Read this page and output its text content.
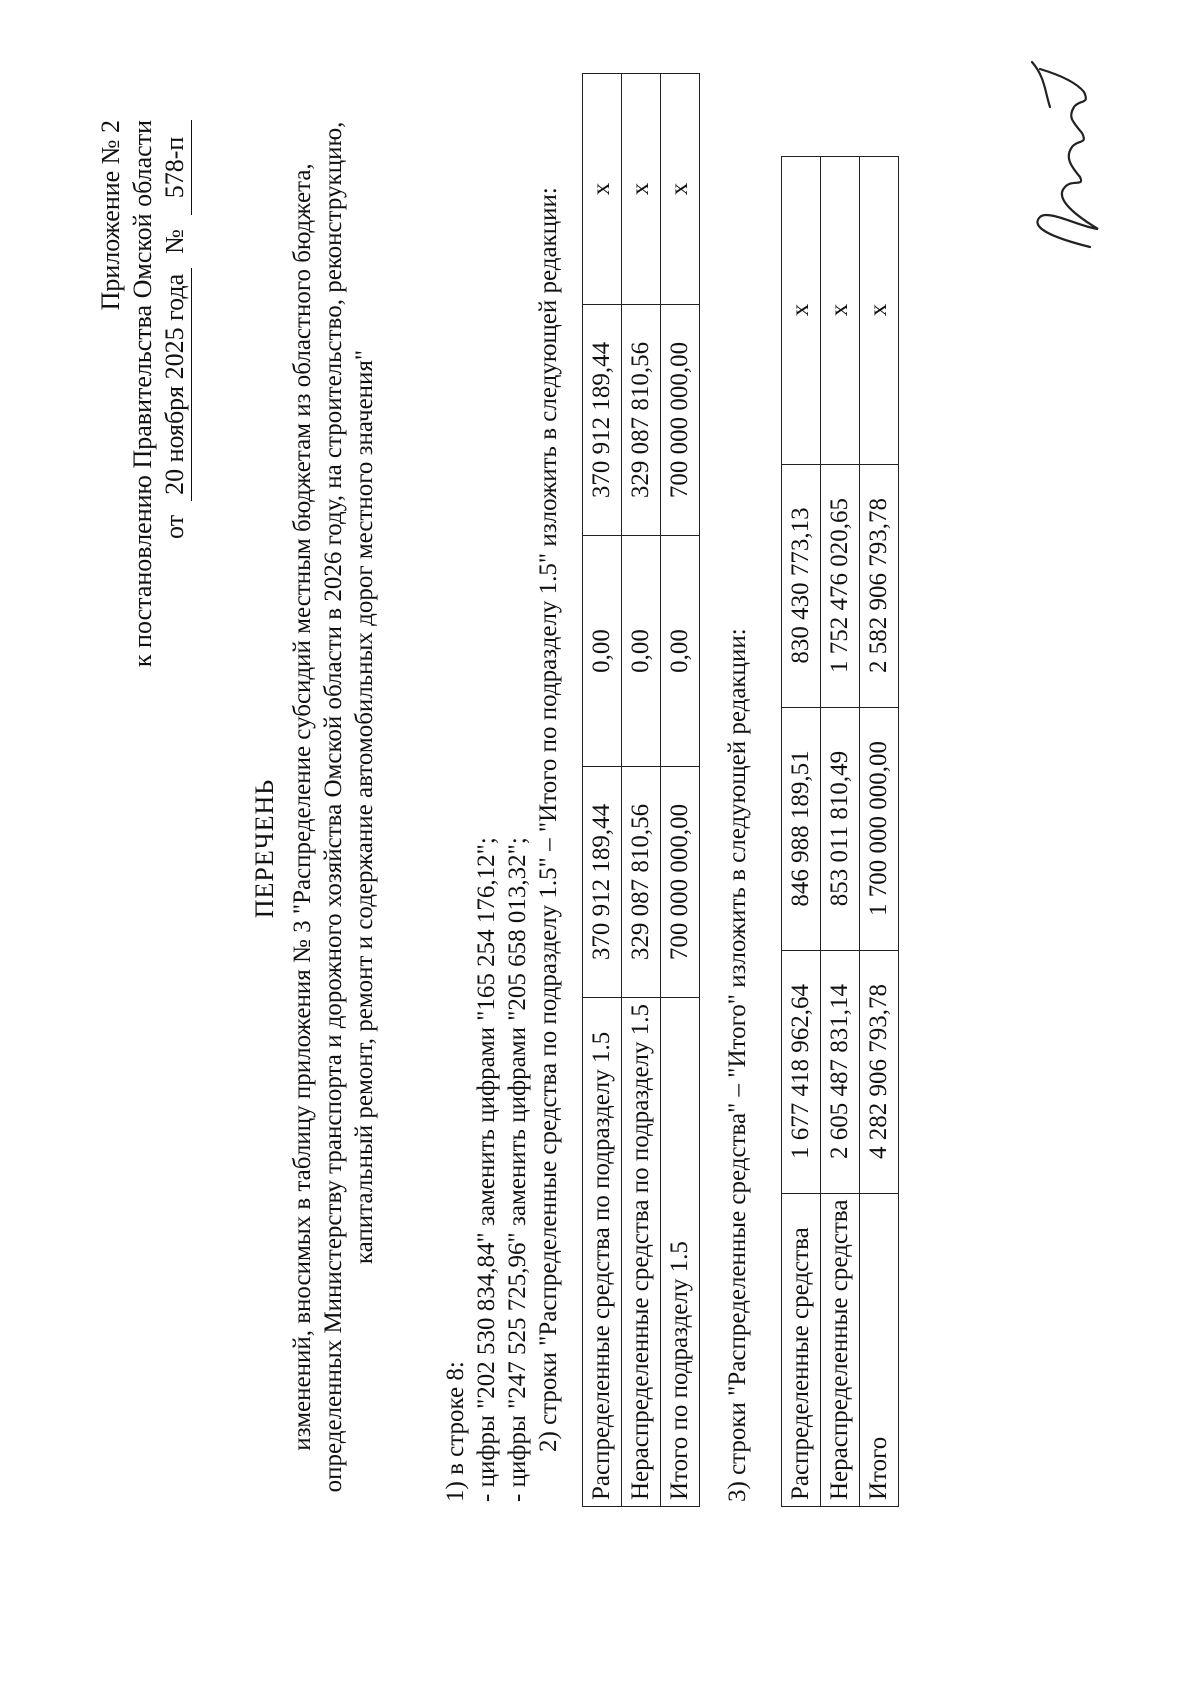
Приложение № 2 к постановлению Правительства Омской области от
20 ноября 2025 года
№
578-п
ПЕРЕЧЕНЬ изменений, вносимых в таблицу приложения № 3 "Распределение субсидий местным бюджетам из областного бюджета, определенных Министерству транспорта и дорожного хозяйства Омской области в 2026 году, на строительство, реконструкцию, капитальный ремонт, ремонт и содержание автомобильных дорог местного значения"

1) в строке 8: - цифры "202 530 834,84" заменить цифрами "165 254 176,12"; - цифры "247 525 725,96" заменить цифрами "205 658 013,32"; 2) строки "Распределенные средства по подразделу 1.5" – "Итого по подразделу 1.5" изложить в следующей редакции: Распределенные средства по подразделу 1.5	370 912 189,44	0,00	370 912 189,44	х
Нераспределенные средства по подразделу 1.5	329 087 810,56	0,00	329 087 810,56	х
Итого по подразделу 1.5	700 000 000,00	0,00	700 000 000,00	х

3) строки "Распределенные средства" – "Итого" изложить в следующей редакции: Распределенные средства	1 677 418 962,64	846 988 189,51	830 430 773,13	х
Нераспределенные средства	2 605 487 831,14	853 011 810,49	1 752 476 020,65	х
Итого	4 282 906 793,78	1 700 000 000,00	2 582 906 793,78	х
